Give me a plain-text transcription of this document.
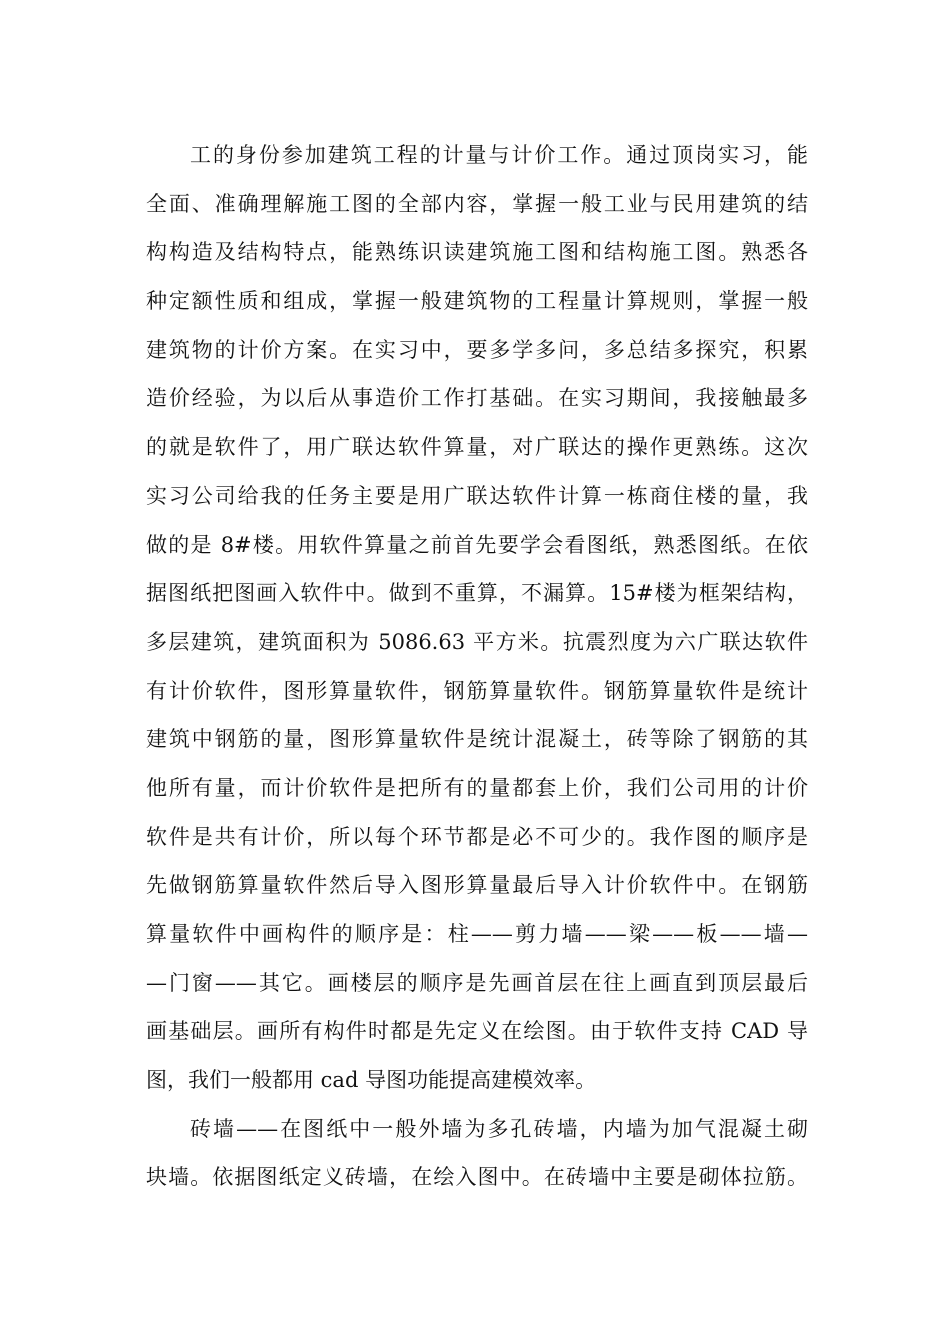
工的身份参加建筑工程的计量与计价工作。通过顶岗实习，能
全面、准确理解施工图的全部内容，掌握一般工业与民用建筑的结
构构造及结构特点，能熟练识读建筑施工图和结构施工图。熟悉各
种定额性质和组成，掌握一般建筑物的工程量计算规则，掌握一般
建筑物的计价方案。在实习中，要多学多问，多总结多探究，积累
造价经验，为以后从事造价工作打基础。在实习期间，我接触最多
的就是软件了，用广联达软件算量，对广联达的操作更熟练。这次
实习公司给我的任务主要是用广联达软件计算一栋商住楼的量，我
做的是 8#楼。用软件算量之前首先要学会看图纸，熟悉图纸。在依
据图纸把图画入软件中。做到不重算，不漏算。15#楼为框架结构，
多层建筑，建筑面积为 5086.63 平方米。抗震烈度为六广联达软件
有计价软件，图形算量软件，钢筋算量软件。钢筋算量软件是统计
建筑中钢筋的量，图形算量软件是统计混凝土，砖等除了钢筋的其
他所有量，而计价软件是把所有的量都套上价，我们公司用的计价
软件是共有计价，所以每个环节都是必不可少的。我作图的顺序是
先做钢筋算量软件然后导入图形算量最后导入计价软件中。在钢筋
算量软件中画构件的顺序是：柱——剪力墙——梁——板——墙—
—门窗——其它。画楼层的顺序是先画首层在往上画直到顶层最后
画基础层。画所有构件时都是先定义在绘图。由于软件支持 CAD 导
图，我们一般都用 cad 导图功能提高建模效率。
砖墙——在图纸中一般外墙为多孔砖墙，内墙为加气混凝土砌
块墙。依据图纸定义砖墙，在绘入图中。在砖墙中主要是砌体拉筋。
